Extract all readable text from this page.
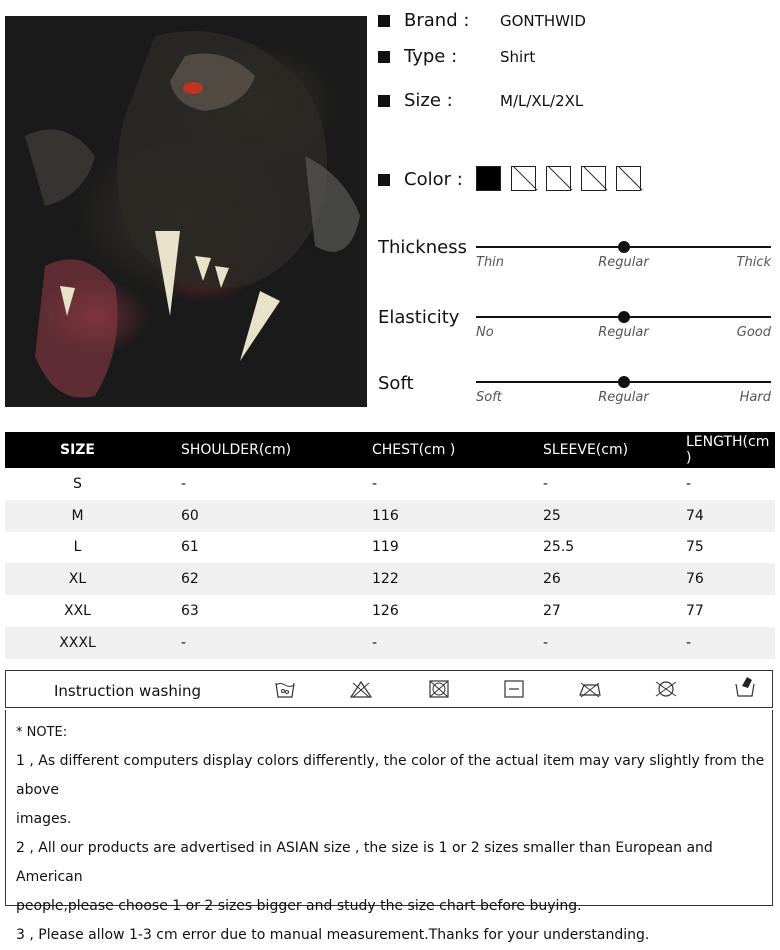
Brand :	GONTHWID
Type :	Shirt
Size :	M/L/XL/2XL
Color :
Thickness
Thin	Regular	Thick
Elasticity
No	Regular	Good
Soft
Soft	Regular	Hard
SIZE	SHOULDER(cm)	CHEST(cm )	SLEEVE(cm)	LENGTH(cm )
S	-	-	-	-
M	60	116	25	74
L	61	119	25.5	75
XL	62	122	26	76
XXL	63	126	27	77
XXXL	-	-	-	-
Instruction washing

* NOTE:

1 , As different computers display colors differently, the color of the actual item may vary slightly from the above

images.

2 , All our products are advertised in ASIAN size , the size is 1 or 2 sizes smaller than European and American

people,please choose 1 or 2 sizes bigger and study the size chart before buying.

3 , Please allow 1-3 cm error due to manual measurement.Thanks for your understanding.
